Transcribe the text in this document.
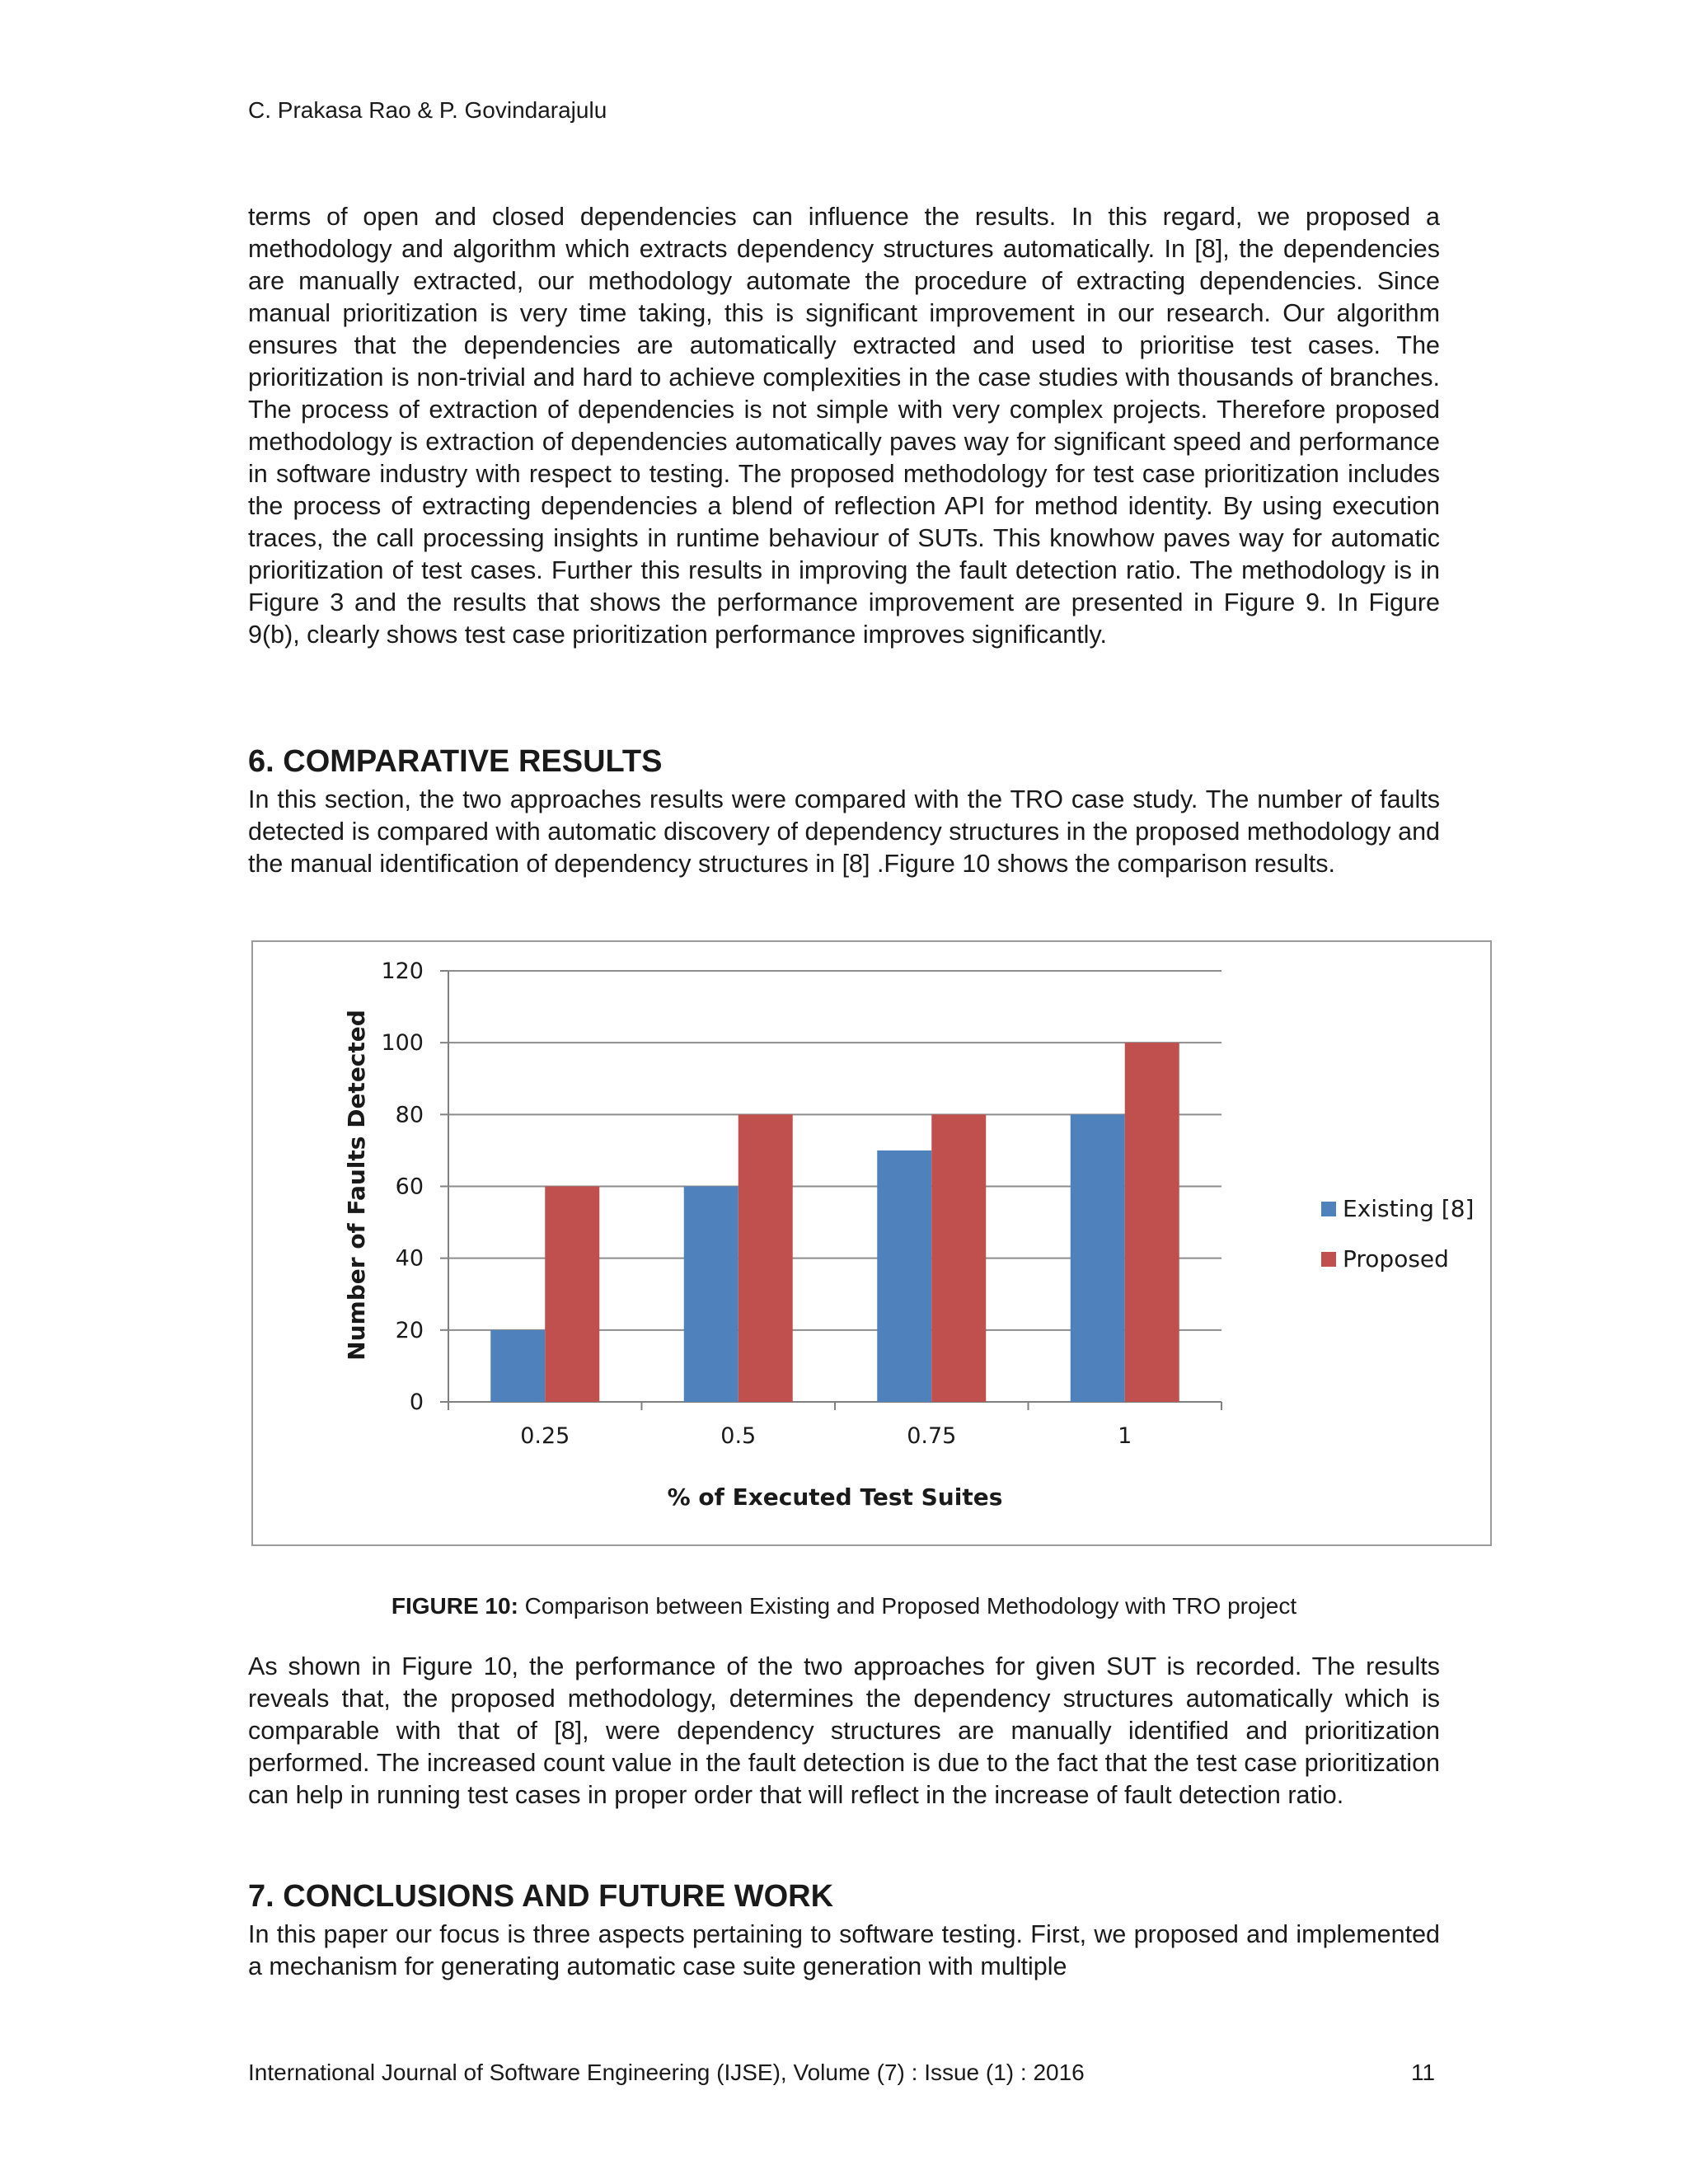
C. Prakasa Rao & P. Govindarajulu

terms of open and closed dependencies can influence the results. In this regard, we proposed a methodology and algorithm which extracts dependency structures automatically. In [8], the dependencies are manually extracted, our methodology automate the procedure of extracting dependencies. Since manual prioritization is very time taking, this is significant improvement in our research. Our algorithm ensures that the dependencies are automatically extracted and used to prioritise test cases. The prioritization is non-trivial and hard to achieve complexities in the case studies with thousands of branches. The process of extraction of dependencies is not simple with very complex projects. Therefore proposed methodology is extraction of dependencies automatically paves way for significant speed and performance in software industry with respect to testing. The proposed methodology for test case prioritization includes the process of extracting dependencies a blend of reflection API for method identity. By using execution traces, the call processing insights in runtime behaviour of SUTs. This knowhow paves way for automatic prioritization of test cases. Further this results in improving the fault detection ratio. The methodology is in Figure 3 and the results that shows the performance improvement are presented in Figure 9. In Figure 9(b), clearly shows test case prioritization performance improves significantly.

6. COMPARATIVE RESULTS

In this section, the two approaches results were compared with the TRO case study. The number of faults detected is compared with automatic discovery of dependency structures in the proposed methodology and the manual identification of dependency structures in [8] .Figure 10 shows the comparison results.

0
20
40
60
80
100
120
0.25	0.5	0.75	1
% of Executed Test Suites
Number of Faults Detected	Existing [8]
Proposed
FIGURE 10: Comparison between Existing and Proposed Methodology with TRO project

As shown in Figure 10, the performance of the two approaches for given SUT is recorded. The results reveals that, the proposed methodology, determines the dependency structures automatically which is comparable with that of [8], were dependency structures are manually identified and prioritization performed. The increased count value in the fault detection is due to the fact that the test case prioritization can help in running test cases in proper order that will reflect in the increase of fault detection ratio.

7. CONCLUSIONS AND FUTURE WORK

In this paper our focus is three aspects pertaining to software testing. First, we proposed and implemented a mechanism for generating automatic case suite generation with multiple

International Journal of Software Engineering (IJSE), Volume (7) : Issue (1) : 2016	11
